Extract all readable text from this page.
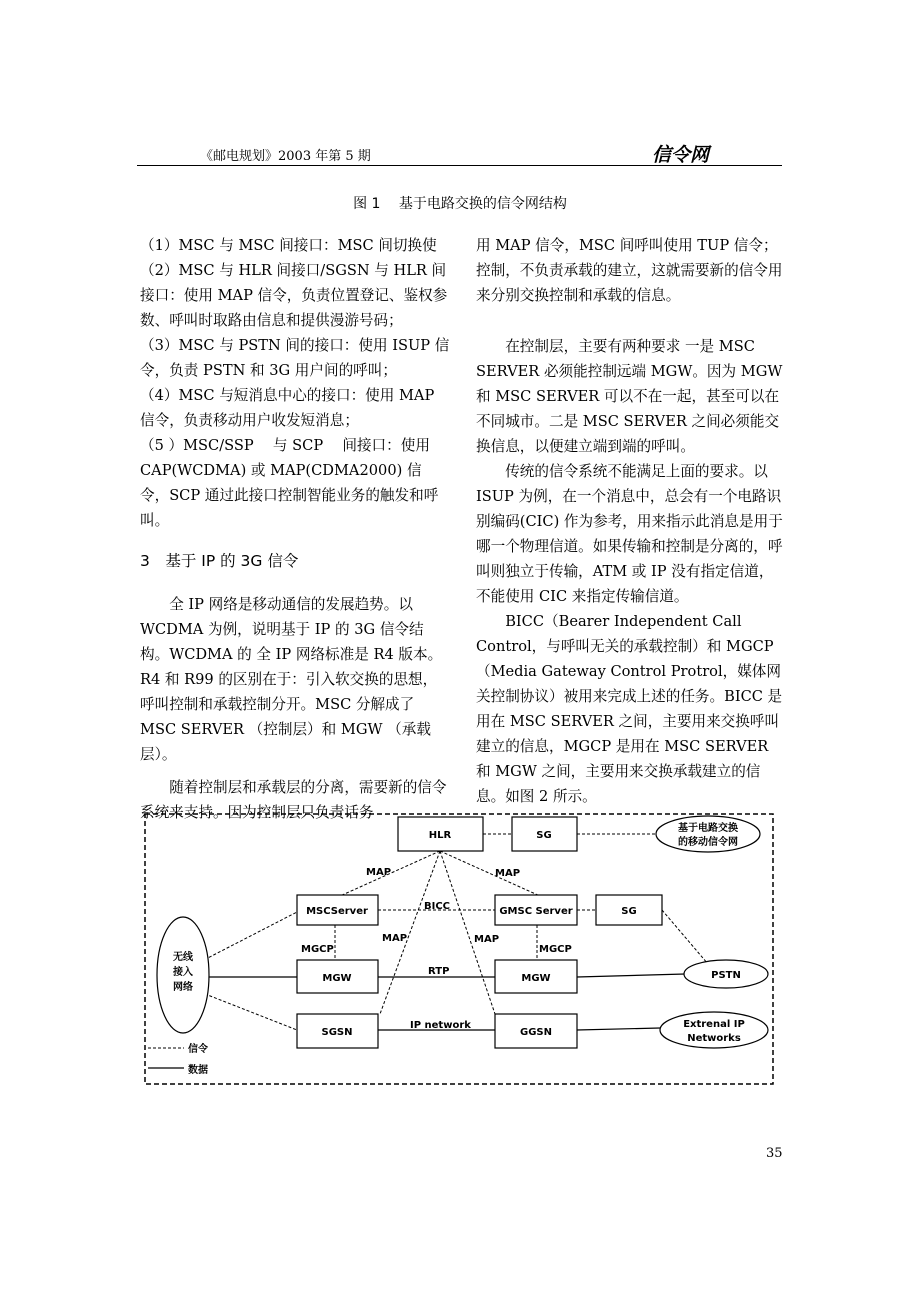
《邮电规划》2003 年第 5 期	信令网
图 1　 基于电路交换的信令网结构

（1）MSC 与 MSC 间接口：MSC 间切换使

（2）MSC 与 HLR 间接口/SGSN 与 HLR 间接口：使用 MAP 信令，负责位置登记、鉴权参数、呼叫时取路由信息和提供漫游号码；

（3）MSC 与 PSTN 间的接口：使用 ISUP 信令，负责 PSTN 和 3G 用户间的呼叫；

（4）MSC 与短消息中心的接口：使用 MAP 信令，负责移动用户收发短消息；

（5 ）MSC/SSP　 与 SCP　 间接口：使用 CAP(WCDMA) 或 MAP(CDMA2000) 信令，SCP 通过此接口控制智能业务的触发和呼叫。

3　基于 IP 的 3G 信令

全 IP 网络是移动通信的发展趋势。以 WCDMA 为例，说明基于 IP 的 3G 信令结构。WCDMA 的 全 IP 网络标准是 R4 版本。R4 和 R99 的区别在于：引入软交换的思想，呼叫控制和承载控制分开。MSC 分解成了 MSC SERVER （控制层）和 MGW （承载层）。

随着控制层和承载层的分离，需要新的信令系统来支持。因为控制层只负责话务

用 MAP 信令，MSC 间呼叫使用 TUP 信令；控制，不负责承载的建立，这就需要新的信令用来分别交换控制和承载的信息。

在控制层，主要有两种要求 一是 MSC SERVER 必须能控制远端 MGW。因为 MGW 和 MSC SERVER 可以不在一起，甚至可以在不同城市。二是 MSC SERVER 之间必须能交换信息，以便建立端到端的呼叫。

传统的信令系统不能满足上面的要求。以 ISUP 为例，在一个消息中，总会有一个电路识别编码(CIC) 作为参考，用来指示此消息是用于哪一个物理信道。如果传输和控制是分离的，呼叫则独立于传输，ATM 或 IP 没有指定信道，不能使用 CIC 来指定传输信道。

BICC（Bearer Independent Call Control，与呼叫无关的承载控制）和 MGCP（Media Gateway Control Protrol，媒体网关控制协议）被用来完成上述的任务。BICC 是用在 MSC SERVER 之间，主要用来交换呼叫建立的信息，MGCP 是用在 MSC SERVER 和 MGW 之间，主要用来交换承载建立的信息。如图 2 所示。

HLR	SG
基于电路交换
的移动信令网
MSCServer	GMSC Server	SG
MGW	MGW	PSTN
SGSN	GGSN
Extrenal IP
Networks
无线
接入
网络
MAP	MAP
BICC
MGCP	MGCP
MAP	MAP
RTP
IP network
信令
数据
35
